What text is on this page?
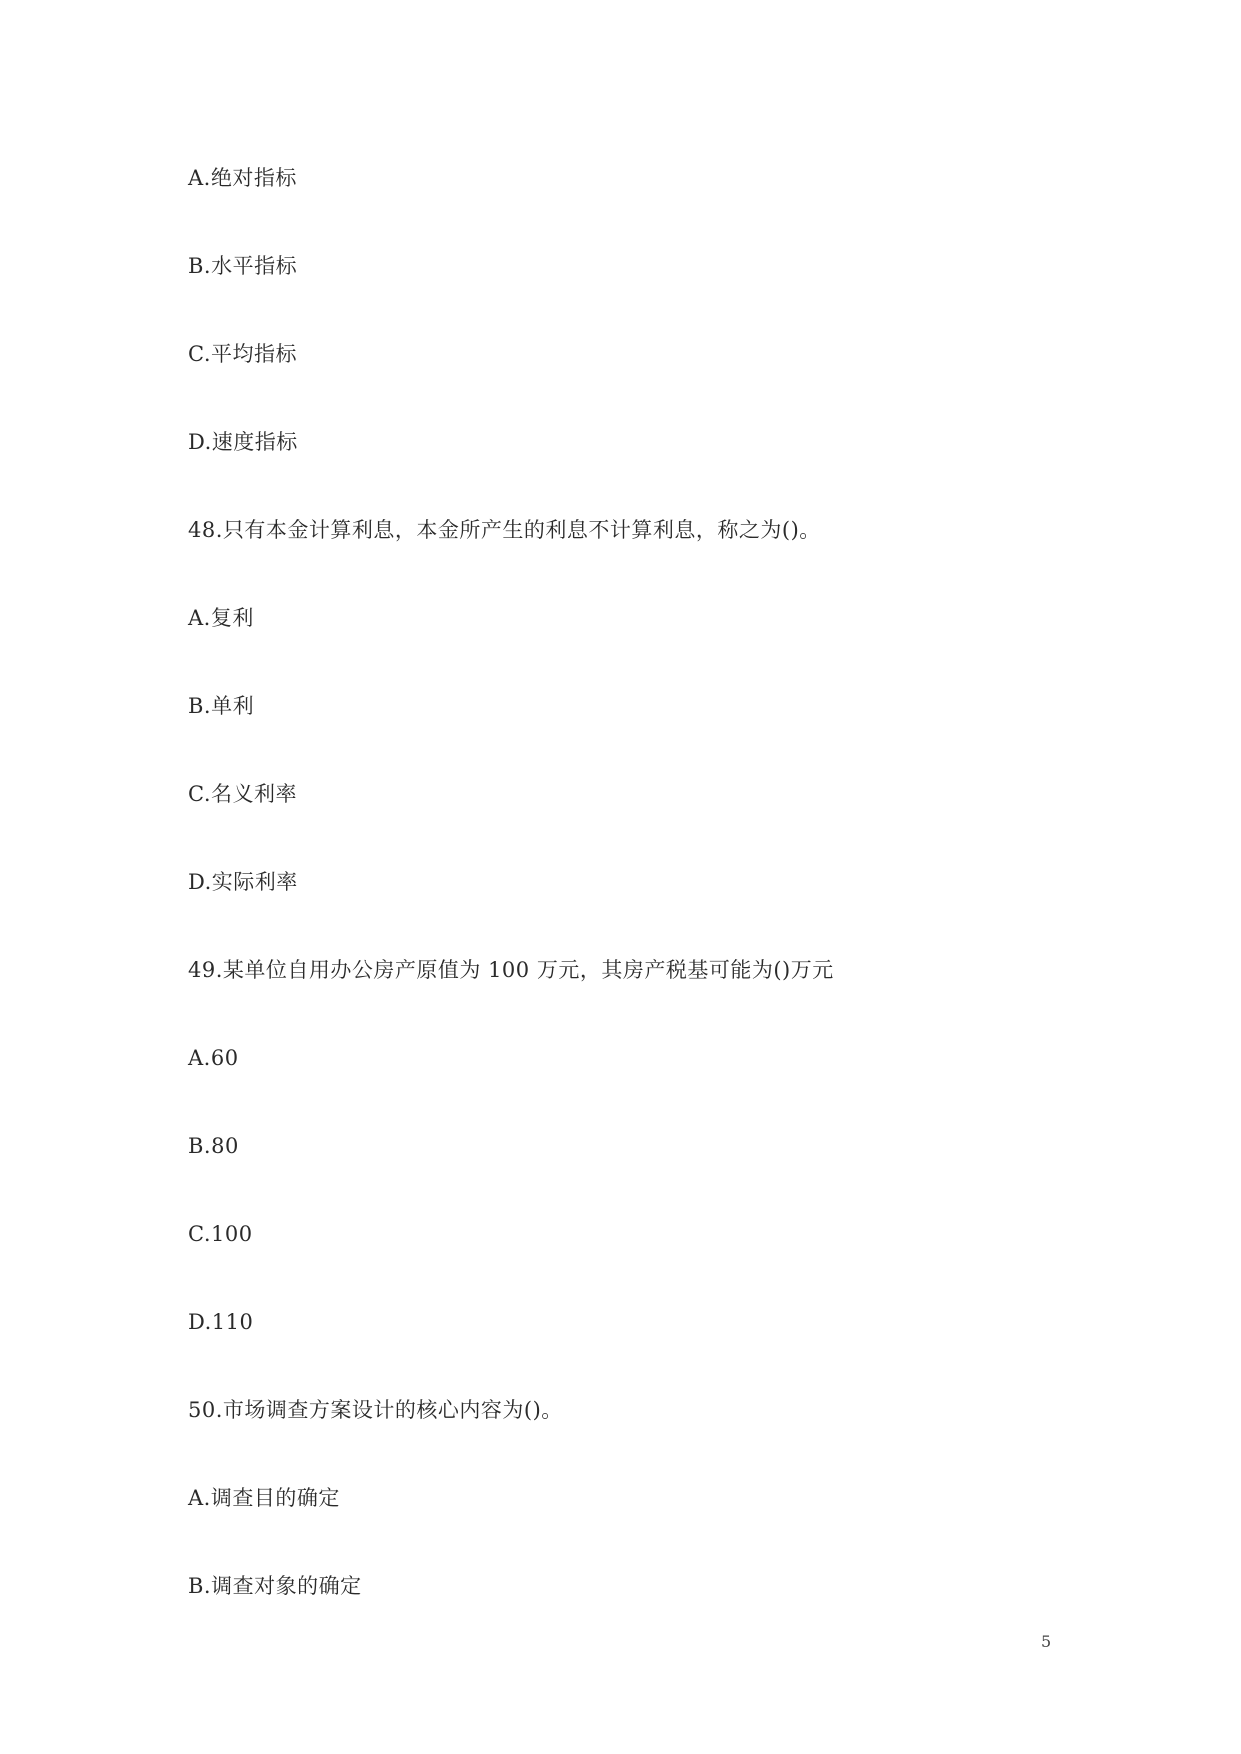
A.绝对指标
B.水平指标
C.平均指标
D.速度指标
48.只有本金计算利息，本金所产生的利息不计算利息，称之为()。
A.复利
B.单利
C.名义利率
D.实际利率
49.某单位自用办公房产原值为 100 万元，其房产税基可能为()万元
A.60
B.80
C.100
D.110
50.市场调查方案设计的核心内容为()。
A.调查目的确定
B.调查对象的确定
5
